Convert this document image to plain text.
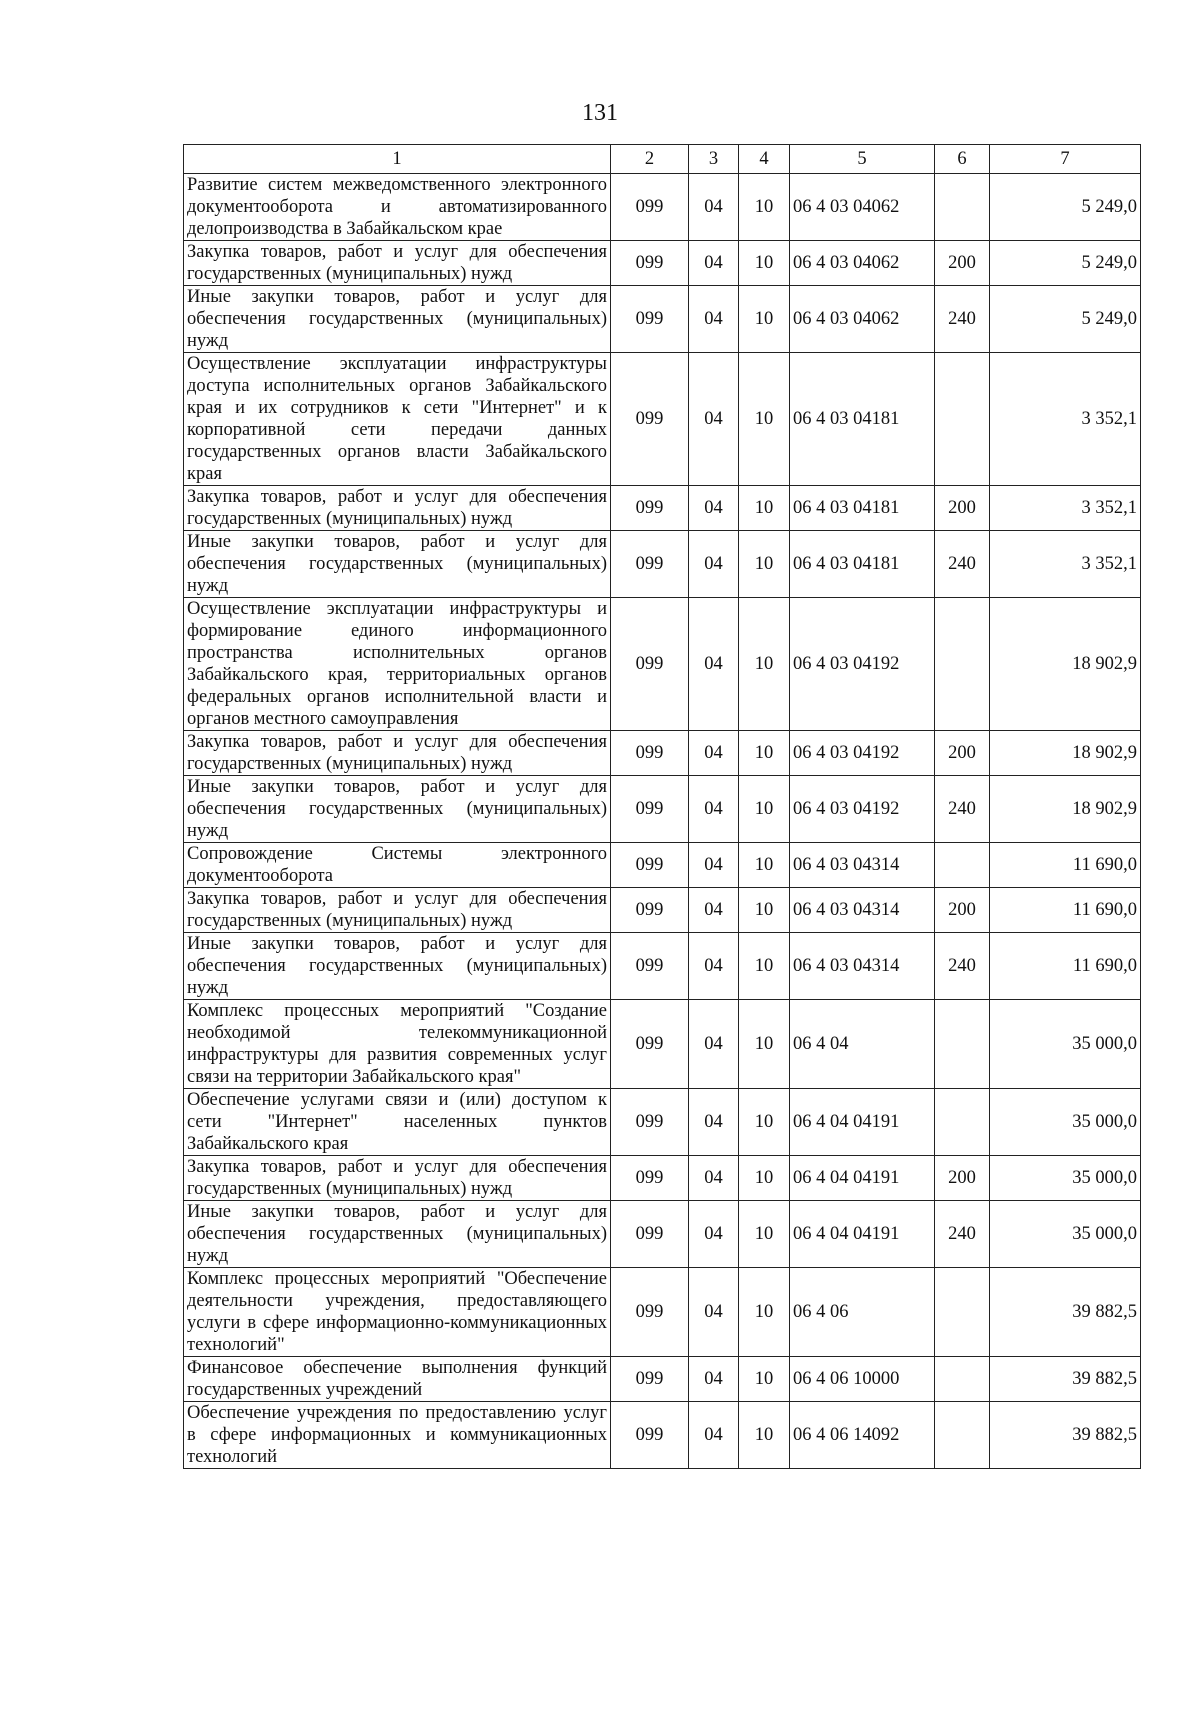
131
1	2	3	4	5	6	7
Развитие систем межведомственного электронного документооборота и автоматизированного делопроизводства в Забайкальском крае	099	04	10	06 4 03 04062		5 249,0
Закупка товаров, работ и услуг для обеспечения государственных (муниципальных) нужд	099	04	10	06 4 03 04062	200	5 249,0
Иные закупки товаров, работ и услуг для обеспечения государственных (муниципальных) нужд	099	04	10	06 4 03 04062	240	5 249,0
Осуществление эксплуатации инфраструктуры доступа исполнительных органов Забайкальского края и их сотрудников к сети "Интернет" и к корпоративной сети передачи данных государственных органов власти Забайкальского края	099	04	10	06 4 03 04181		3 352,1
Закупка товаров, работ и услуг для обеспечения государственных (муниципальных) нужд	099	04	10	06 4 03 04181	200	3 352,1
Иные закупки товаров, работ и услуг для обеспечения государственных (муниципальных) нужд	099	04	10	06 4 03 04181	240	3 352,1
Осуществление эксплуатации инфраструктуры и формирование единого информационного пространства исполнительных органов Забайкальского края, территориальных органов федеральных органов исполнительной власти и органов местного самоуправления	099	04	10	06 4 03 04192		18 902,9
Закупка товаров, работ и услуг для обеспечения государственных (муниципальных) нужд	099	04	10	06 4 03 04192	200	18 902,9
Иные закупки товаров, работ и услуг для обеспечения государственных (муниципальных) нужд	099	04	10	06 4 03 04192	240	18 902,9
Сопровождение Системы электронного документооборота	099	04	10	06 4 03 04314		11 690,0
Закупка товаров, работ и услуг для обеспечения государственных (муниципальных) нужд	099	04	10	06 4 03 04314	200	11 690,0
Иные закупки товаров, работ и услуг для обеспечения государственных (муниципальных) нужд	099	04	10	06 4 03 04314	240	11 690,0
Комплекс процессных мероприятий "Создание необходимой телекоммуникационной инфраструктуры для развития современных услуг связи на территории Забайкальского края"	099	04	10	06 4 04		35 000,0
Обеспечение услугами связи и (или) доступом к сети "Интернет" населенных пунктов Забайкальского края	099	04	10	06 4 04 04191		35 000,0
Закупка товаров, работ и услуг для обеспечения государственных (муниципальных) нужд	099	04	10	06 4 04 04191	200	35 000,0
Иные закупки товаров, работ и услуг для обеспечения государственных (муниципальных) нужд	099	04	10	06 4 04 04191	240	35 000,0
Комплекс процессных мероприятий "Обеспечение деятельности учреждения, предоставляющего услуги в сфере информационно-коммуникационных технологий"	099	04	10	06 4 06		39 882,5
Финансовое обеспечение выполнения функций государственных учреждений	099	04	10	06 4 06 10000		39 882,5
Обеспечение учреждения по предоставлению услуг в сфере информационных и коммуникационных технологий	099	04	10	06 4 06 14092		39 882,5
